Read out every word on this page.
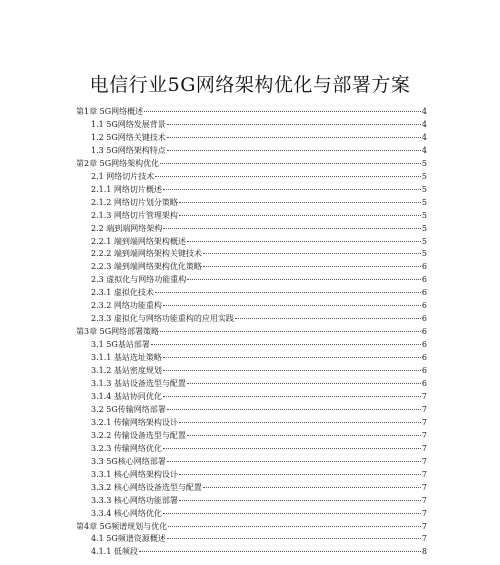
电信行业5G网络架构优化与部署方案
第1章 5G网络概述	4
1.1 5G网络发展背景	4
1.2 5G网络关键技术	4
1.3 5G网络架构特点	4
第2章 5G网络架构优化	5
2.1 网络切片技术	5
2.1.1 网络切片概述	5
2.1.2 网络切片划分策略	5
2.1.3 网络切片管理架构	5
2.2 端到端网络架构	5
2.2.1 端到端网络架构概述	5
2.2.2 端到端网络架构关键技术	5
2.2.3 端到端网络架构优化策略	6
2.3 虚拟化与网络功能重构	6
2.3.1 虚拟化技术	6
2.3.2 网络功能重构	6
2.3.3 虚拟化与网络功能重构的应用实践	6
第3章 5G网络部署策略	6
3.1 5G基站部署	6
3.1.1 基站选址策略	6
3.1.2 基站密度规划	6
3.1.3 基站设备选型与配置	6
3.1.4 基站协同优化	7
3.2 5G传输网络部署	7
3.2.1 传输网络架构设计	7
3.2.2 传输设备选型与配置	7
3.2.3 传输网络优化	7
3.3 5G核心网络部署	7
3.3.1 核心网络架构设计	7
3.3.2 核心网络设备选型与配置	7
3.3.3 核心网络功能部署	7
3.3.4 核心网络优化	7
第4章 5G频谱规划与优化	7
4.1 5G频谱资源概述	7
4.1.1 低频段	8
